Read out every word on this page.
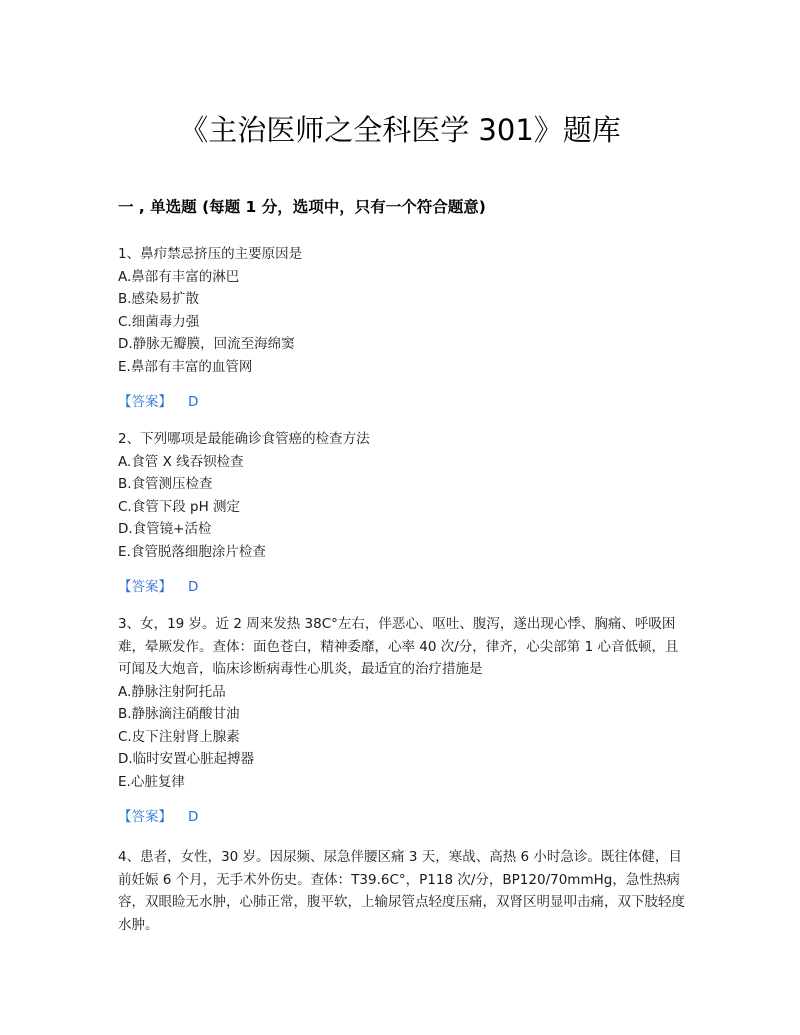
《主治医师之全科医学 301》题库
一 , 单选题 (每题 1 分，选项中，只有一个符合题意)

1、鼻疖禁忌挤压的主要原因是

A.鼻部有丰富的淋巴

B.感染易扩散

C.细菌毒力强

D.静脉无瓣膜，回流至海绵窦

E.鼻部有丰富的血管网

【答案】 D

2、下列哪项是最能确诊食管癌的检查方法

A.食管 X 线吞钡检查

B.食管测压检查

C.食管下段 pH 测定

D.食管镜+活检

E.食管脱落细胞涂片检查

【答案】 D

3、女，19 岁。近 2 周来发热 38C°左右，伴恶心、呕吐、腹泻，遂出现心悸、胸痛、呼吸困难，晕厥发作。查体：面色苍白，精神委靡，心率 40 次/分，律齐，心尖部第 1 心音低顿，且可闻及大炮音，临床诊断病毒性心肌炎，最适宜的治疗措施是

A.静脉注射阿托品

B.静脉滴注硝酸甘油

C.皮下注射肾上腺素

D.临时安置心脏起搏器

E.心脏复律

【答案】 D

4、患者，女性，30 岁。因尿频、尿急伴腰区痛 3 天，寒战、高热 6 小时急诊。既往体健，目前妊娠 6 个月，无手术外伤史。查体：T39.6C°，P118 次/分，BP120/70mmHg，急性热病容，双眼睑无水肿，心肺正常，腹平软，上输尿管点轻度压痛，双肾区明显叩击痛，双下肢轻度水肿。
